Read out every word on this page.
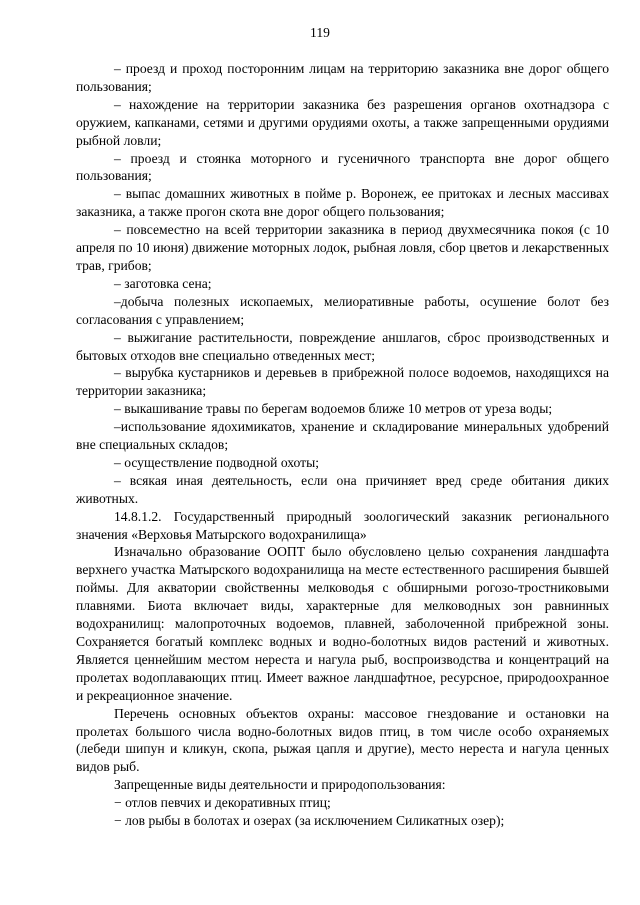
119

– проезд и проход посторонним лицам на территорию заказника вне дорог общего пользования;

– нахождение на территории заказника без разрешения органов охотнадзора с оружием, капканами, сетями и другими орудиями охоты, а также запрещенными орудиями рыбной ловли;

– проезд и стоянка моторного и гусеничного транспорта вне дорог общего пользования;

– выпас домашних животных в пойме р. Воронеж, ее притоках и лесных массивах заказника, а также прогон скота вне дорог общего пользования;

– повсеместно на всей территории заказника в период двухмесячника покоя (с 10 апреля по 10 июня) движение моторных лодок, рыбная ловля, сбор цветов и лекарственных трав, грибов;

– заготовка сена;

–добыча полезных ископаемых, мелиоративные работы, осушение болот без согласования с управлением;

– выжигание растительности, повреждение аншлагов, сброс производственных и бытовых отходов вне специально отведенных мест;

– вырубка кустарников и деревьев в прибрежной полосе водоемов, находящихся на территории заказника;

– выкашивание травы по берегам водоемов ближе 10 метров от уреза воды;

–использование ядохимикатов, хранение и складирование минеральных удобрений вне специальных складов;

– осуществление подводной охоты;

– всякая иная деятельность, если она причиняет вред среде обитания диких животных.

14.8.1.2. Государственный природный зоологический заказник регионального значения «Верховья Матырского водохранилища»

Изначально образование ООПТ было обусловлено целью сохранения ландшафта верхнего участка Матырского водохранилища на месте естественного расширения бывшей поймы. Для акватории свойственны мелководья с обширными рогозо-тростниковыми плавнями. Биота включает виды, характерные для мелководных зон равнинных водохранилищ: малопроточных водоемов, плавней, заболоченной прибрежной зоны. Сохраняется богатый комплекс водных и водно-болотных видов растений и животных. Является ценнейшим местом нереста и нагула рыб, воспроизводства и концентраций на пролетах водоплавающих птиц. Имеет важное ландшафтное, ресурсное, природоохранное и рекреационное значение.

Перечень основных объектов охраны: массовое гнездование и остановки на пролетах большого числа водно-болотных видов птиц, в том числе особо охраняемых (лебеди шипун и кликун, скопа, рыжая цапля и другие), место нереста и нагула ценных видов рыб.

Запрещенные виды деятельности и природопользования:

− отлов певчих и декоративных птиц;

− лов рыбы в болотах и озерах (за исключением Силикатных озер);
